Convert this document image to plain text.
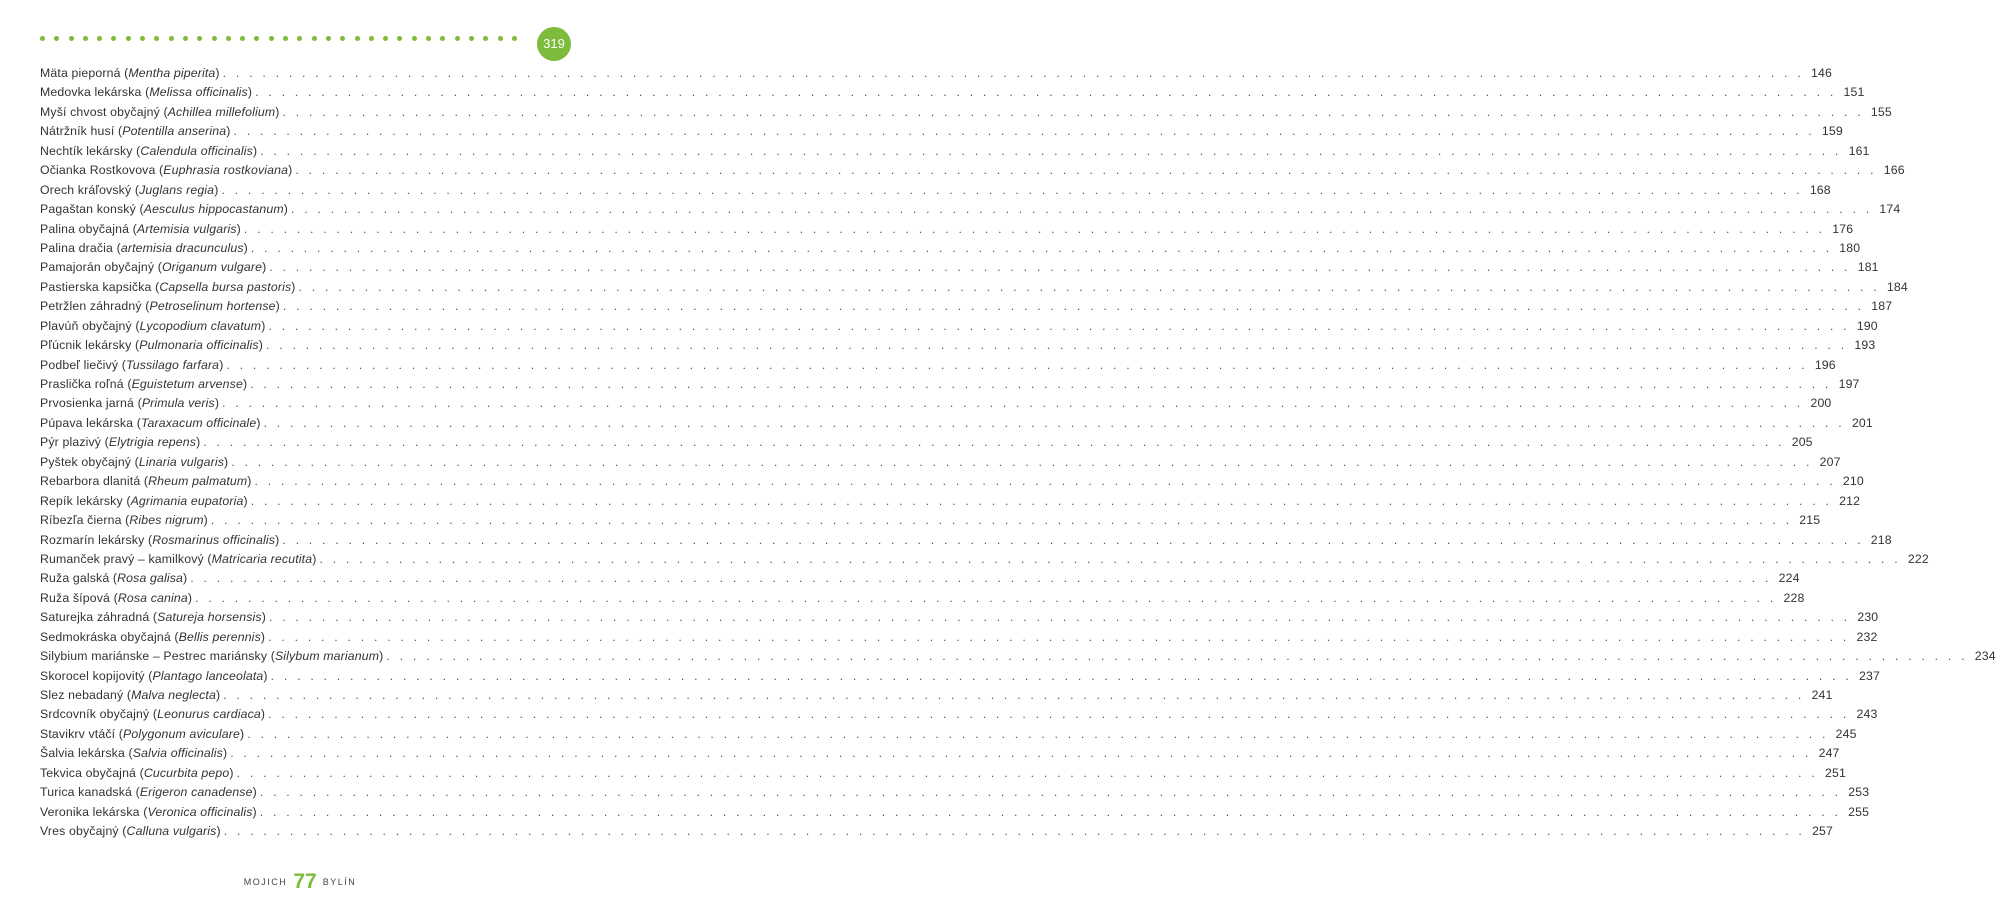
319
Mäta pieporná (Mentha piperita) . . . . . . . . . . . . . . . . . . . . . . . . . . . . . . . . . . . . . . . . . . . . . . . . . . . . . . . . . . . . . . . . . . . . . . . . . . . . . . . . . . . . . . . . . . . . . . . . . . . . . . . . . . . . . . . . . . . . . . . . 146
Medovka lekárska (Melissa officinalis) . . . . . . . . . . . . . . . . . . . . . . . . . . . . . . . . . . . . . . . . . . . . . . . . . . . . . . . . . . . . . . . . . . . . . . . . . . . . . . . . . . . . . . . . . . . . . . . . . . . . . . . . . . . . . . . . . . . . . . . . 151
Myší chvost obyčajný (Achillea millefolium) . . . . . . . . . . . . . . . . . . . . . . . . . . . . . . . . . . . . . . . . . . . . . . . . . . . . . . . . . . . . . . . . . . . . . . . . . . . . . . . . . . . . . . . . . . . . . . . . . . . . . . . . . . . . . . . . . . . . . . . . 155
Nátržník husí (Potentilla anserina) . . . . . . . . . . . . . . . . . . . . . . . . . . . . . . . . . . . . . . . . . . . . . . . . . . . . . . . . . . . . . . . . . . . . . . . . . . . . . . . . . . . . . . . . . . . . . . . . . . . . . . . . . . . . . . . . . . . . . . . . 159
Nechtík lekársky (Calendula officinalis) . . . . . . . . . . . . . . . . . . . . . . . . . . . . . . . . . . . . . . . . . . . . . . . . . . . . . . . . . . . . . . . . . . . . . . . . . . . . . . . . . . . . . . . . . . . . . . . . . . . . . . . . . . . . . . . . . . . . . . . . 161
Očianka Rostkovova (Euphrasia rostkoviana) . . . . . . . . . . . . . . . . . . . . . . . . . . . . . . . . . . . . . . . . . . . . . . . . . . . . . . . . . . . . . . . . . . . . . . . . . . . . . . . . . . . . . . . . . . . . . . . . . . . . . . . . . . . . . . . . . . . . . . . . 166
Orech kráľovský (Juglans regia) . . . . . . . . . . . . . . . . . . . . . . . . . . . . . . . . . . . . . . . . . . . . . . . . . . . . . . . . . . . . . . . . . . . . . . . . . . . . . . . . . . . . . . . . . . . . . . . . . . . . . . . . . . . . . . . . . . . . . . . . 168
Pagaštan konský (Aesculus hippocastanum) . . . . . . . . . . . . . . . . . . . . . . . . . . . . . . . . . . . . . . . . . . . . . . . . . . . . . . . . . . . . . . . . . . . . . . . . . . . . . . . . . . . . . . . . . . . . . . . . . . . . . . . . . . . . . . . . . . . . . . . . 174
Palina obyčajná (Artemisia vulgaris) . . . . . . . . . . . . . . . . . . . . . . . . . . . . . . . . . . . . . . . . . . . . . . . . . . . . . . . . . . . . . . . . . . . . . . . . . . . . . . . . . . . . . . . . . . . . . . . . . . . . . . . . . . . . . . . . . . . . . . . . 176
Palina dračia (artemisia dracunculus) . . . . . . . . . . . . . . . . . . . . . . . . . . . . . . . . . . . . . . . . . . . . . . . . . . . . . . . . . . . . . . . . . . . . . . . . . . . . . . . . . . . . . . . . . . . . . . . . . . . . . . . . . . . . . . . . . . . . . . . . 180
Pamajorán obyčajný (Origanum vulgare) . . . . . . . . . . . . . . . . . . . . . . . . . . . . . . . . . . . . . . . . . . . . . . . . . . . . . . . . . . . . . . . . . . . . . . . . . . . . . . . . . . . . . . . . . . . . . . . . . . . . . . . . . . . . . . . . . . . . . . . . 181
Pastierska kapsička (Capsella bursa pastoris) . . . . . . . . . . . . . . . . . . . . . . . . . . . . . . . . . . . . . . . . . . . . . . . . . . . . . . . . . . . . . . . . . . . . . . . . . . . . . . . . . . . . . . . . . . . . . . . . . . . . . . . . . . . . . . . . . . . . . . . . 184
Petržlen záhradný (Petroselinum hortense) . . . . . . . . . . . . . . . . . . . . . . . . . . . . . . . . . . . . . . . . . . . . . . . . . . . . . . . . . . . . . . . . . . . . . . . . . . . . . . . . . . . . . . . . . . . . . . . . . . . . . . . . . . . . . . . . . . . . . . . . 187
Plavúň obyčajný (Lycopodium clavatum) . . . . . . . . . . . . . . . . . . . . . . . . . . . . . . . . . . . . . . . . . . . . . . . . . . . . . . . . . . . . . . . . . . . . . . . . . . . . . . . . . . . . . . . . . . . . . . . . . . . . . . . . . . . . . . . . . . . . . . . . 190
Pľúcnik lekársky (Pulmonaria officinalis) . . . . . . . . . . . . . . . . . . . . . . . . . . . . . . . . . . . . . . . . . . . . . . . . . . . . . . . . . . . . . . . . . . . . . . . . . . . . . . . . . . . . . . . . . . . . . . . . . . . . . . . . . . . . . . . . . . . . . . . . 193
Podbeľ liečivý (Tussilago farfara) . . . . . . . . . . . . . . . . . . . . . . . . . . . . . . . . . . . . . . . . . . . . . . . . . . . . . . . . . . . . . . . . . . . . . . . . . . . . . . . . . . . . . . . . . . . . . . . . . . . . . . . . . . . . . . . . . . . . . . . . 196
Praslička roľná (Eguistetum arvense) . . . . . . . . . . . . . . . . . . . . . . . . . . . . . . . . . . . . . . . . . . . . . . . . . . . . . . . . . . . . . . . . . . . . . . . . . . . . . . . . . . . . . . . . . . . . . . . . . . . . . . . . . . . . . . . . . . . . . . . . 197
Prvosienka jarná (Primula veris) . . . . . . . . . . . . . . . . . . . . . . . . . . . . . . . . . . . . . . . . . . . . . . . . . . . . . . . . . . . . . . . . . . . . . . . . . . . . . . . . . . . . . . . . . . . . . . . . . . . . . . . . . . . . . . . . . . . . . . . . 200
Púpava lekárska (Taraxacum officinale) . . . . . . . . . . . . . . . . . . . . . . . . . . . . . . . . . . . . . . . . . . . . . . . . . . . . . . . . . . . . . . . . . . . . . . . . . . . . . . . . . . . . . . . . . . . . . . . . . . . . . . . . . . . . . . . . . . . . . . . . 201
Pýr plazivý (Elytrigia repens) . . . . . . . . . . . . . . . . . . . . . . . . . . . . . . . . . . . . . . . . . . . . . . . . . . . . . . . . . . . . . . . . . . . . . . . . . . . . . . . . . . . . . . . . . . . . . . . . . . . . . . . . . . . . . . . . . . . . . . . . 205
Pyštek obyčajný (Linaria vulgaris) . . . . . . . . . . . . . . . . . . . . . . . . . . . . . . . . . . . . . . . . . . . . . . . . . . . . . . . . . . . . . . . . . . . . . . . . . . . . . . . . . . . . . . . . . . . . . . . . . . . . . . . . . . . . . . . . . . . . . . . . 207
Rebarbora dlanitá (Rheum palmatum) . . . . . . . . . . . . . . . . . . . . . . . . . . . . . . . . . . . . . . . . . . . . . . . . . . . . . . . . . . . . . . . . . . . . . . . . . . . . . . . . . . . . . . . . . . . . . . . . . . . . . . . . . . . . . . . . . . . . . . . . 210
Repík lekársky (Agrimania eupatoria) . . . . . . . . . . . . . . . . . . . . . . . . . . . . . . . . . . . . . . . . . . . . . . . . . . . . . . . . . . . . . . . . . . . . . . . . . . . . . . . . . . . . . . . . . . . . . . . . . . . . . . . . . . . . . . . . . . . . . . . . 212
Ríbezľa čierna (Ribes nigrum) . . . . . . . . . . . . . . . . . . . . . . . . . . . . . . . . . . . . . . . . . . . . . . . . . . . . . . . . . . . . . . . . . . . . . . . . . . . . . . . . . . . . . . . . . . . . . . . . . . . . . . . . . . . . . . . . . . . . . . . . 215
Rozmarín lekársky (Rosmarinus officinalis) . . . . . . . . . . . . . . . . . . . . . . . . . . . . . . . . . . . . . . . . . . . . . . . . . . . . . . . . . . . . . . . . . . . . . . . . . . . . . . . . . . . . . . . . . . . . . . . . . . . . . . . . . . . . . . . . . . . . . . . . 218
Rumanček pravý – kamilkový (Matricaria recutita) . . . . . . . . . . . . . . . . . . . . . . . . . . . . . . . . . . . . . . . . . . . . . . . . . . . . . . . . . . . . . . . . . . . . . . . . . . . . . . . . . . . . . . . . . . . . . . . . . . . . . . . . . . . . . . . . . . . . . . . . 222
Ruža galská (Rosa galisa) . . . . . . . . . . . . . . . . . . . . . . . . . . . . . . . . . . . . . . . . . . . . . . . . . . . . . . . . . . . . . . . . . . . . . . . . . . . . . . . . . . . . . . . . . . . . . . . . . . . . . . . . . . . . . . . . . . . . . . . . 224
Ruža šípová (Rosa canina) . . . . . . . . . . . . . . . . . . . . . . . . . . . . . . . . . . . . . . . . . . . . . . . . . . . . . . . . . . . . . . . . . . . . . . . . . . . . . . . . . . . . . . . . . . . . . . . . . . . . . . . . . . . . . . . . . . . . . . . . 228
Saturejka záhradná (Satureja horsensis) . . . . . . . . . . . . . . . . . . . . . . . . . . . . . . . . . . . . . . . . . . . . . . . . . . . . . . . . . . . . . . . . . . . . . . . . . . . . . . . . . . . . . . . . . . . . . . . . . . . . . . . . . . . . . . . . . . . . . . . . 230
Sedmokráska obyčajná (Bellis perennis) . . . . . . . . . . . . . . . . . . . . . . . . . . . . . . . . . . . . . . . . . . . . . . . . . . . . . . . . . . . . . . . . . . . . . . . . . . . . . . . . . . . . . . . . . . . . . . . . . . . . . . . . . . . . . . . . . . . . . . . . 232
Silybium mariánske – Pestrec mariánsky (Silybum marianum) . . . . . . . . . . . . . . . . . . . . . . . . . . . . . . . . . . . . . . . . . . . . . . . . . . . . . . . . . . . . . . . . . . . . . . . . . . . . . . . . . . . . . . . . . . . . . . . . . . . . . . . . . . . . . . . . . . . . . . . . 234
Skorocel kopijovitý (Plantago lanceolata) . . . . . . . . . . . . . . . . . . . . . . . . . . . . . . . . . . . . . . . . . . . . . . . . . . . . . . . . . . . . . . . . . . . . . . . . . . . . . . . . . . . . . . . . . . . . . . . . . . . . . . . . . . . . . . . . . . . . . . . . 237
Slez nebadaný (Malva neglecta) . . . . . . . . . . . . . . . . . . . . . . . . . . . . . . . . . . . . . . . . . . . . . . . . . . . . . . . . . . . . . . . . . . . . . . . . . . . . . . . . . . . . . . . . . . . . . . . . . . . . . . . . . . . . . . . . . . . . . . . . 241
Srdcovník obyčajný (Leonurus cardiaca) . . . . . . . . . . . . . . . . . . . . . . . . . . . . . . . . . . . . . . . . . . . . . . . . . . . . . . . . . . . . . . . . . . . . . . . . . . . . . . . . . . . . . . . . . . . . . . . . . . . . . . . . . . . . . . . . . . . . . . . . 243
Stavikrv vtáčí (Polygonum aviculare) . . . . . . . . . . . . . . . . . . . . . . . . . . . . . . . . . . . . . . . . . . . . . . . . . . . . . . . . . . . . . . . . . . . . . . . . . . . . . . . . . . . . . . . . . . . . . . . . . . . . . . . . . . . . . . . . . . . . . . . . 245
Šalvia lekárska (Salvia officinalis) . . . . . . . . . . . . . . . . . . . . . . . . . . . . . . . . . . . . . . . . . . . . . . . . . . . . . . . . . . . . . . . . . . . . . . . . . . . . . . . . . . . . . . . . . . . . . . . . . . . . . . . . . . . . . . . . . . . . . . . . 247
Tekvica obyčajná (Cucurbita pepo) . . . . . . . . . . . . . . . . . . . . . . . . . . . . . . . . . . . . . . . . . . . . . . . . . . . . . . . . . . . . . . . . . . . . . . . . . . . . . . . . . . . . . . . . . . . . . . . . . . . . . . . . . . . . . . . . . . . . . . . . 251
Turica kanadská (Erigeron canadense) . . . . . . . . . . . . . . . . . . . . . . . . . . . . . . . . . . . . . . . . . . . . . . . . . . . . . . . . . . . . . . . . . . . . . . . . . . . . . . . . . . . . . . . . . . . . . . . . . . . . . . . . . . . . . . . . . . . . . . . . 253
Veronika lekárska (Veronica officinalis) . . . . . . . . . . . . . . . . . . . . . . . . . . . . . . . . . . . . . . . . . . . . . . . . . . . . . . . . . . . . . . . . . . . . . . . . . . . . . . . . . . . . . . . . . . . . . . . . . . . . . . . . . . . . . . . . . . . . . . . . 255
Vres obyčajný (Calluna vulgaris) . . . . . . . . . . . . . . . . . . . . . . . . . . . . . . . . . . . . . . . . . . . . . . . . . . . . . . . . . . . . . . . . . . . . . . . . . . . . . . . . . . . . . . . . . . . . . . . . . . . . . . . . . . . . . . . . . . . . . . . . 257
MOJICH 77 BYLÍN
